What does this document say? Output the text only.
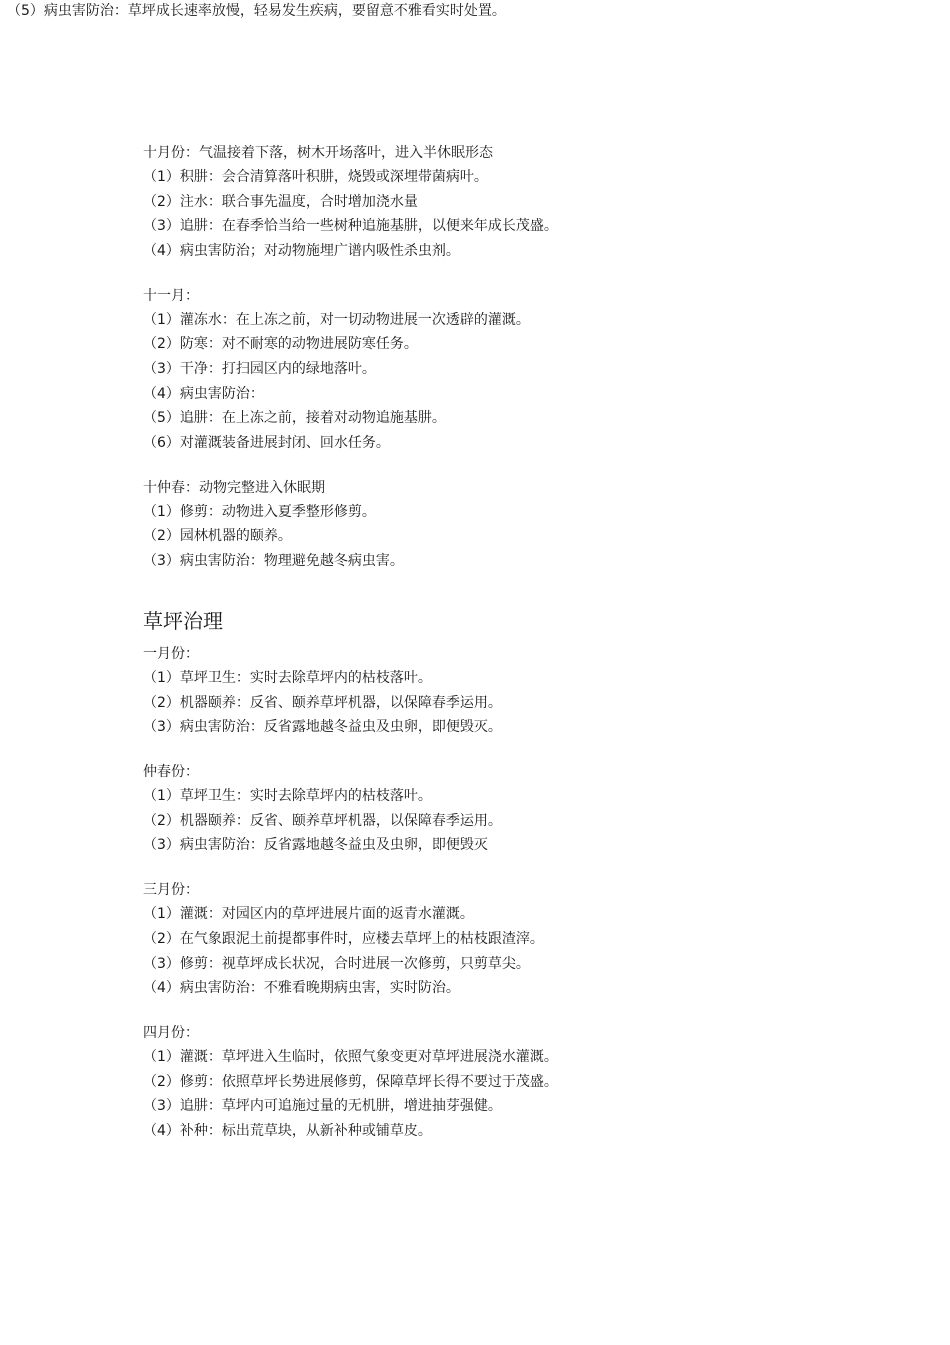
（5）病虫害防治：草坪成长速率放慢，轻易发生疾病，要留意不雅看实时处置。
十月份：气温接着下落，树木开场落叶，进入半休眠形态
（1）积肼：会合清算落叶积肼，烧毁或深埋带菌病叶。
（2）注水：联合事先温度，合时增加浇水量
（3）追肼：在春季恰当给一些树种追施基肼，以便来年成长茂盛。
（4）病虫害防治；对动物施埋广谱内吸性杀虫剂。
十一月：
（1）灌冻水：在上冻之前，对一切动物进展一次透辟的灌溉。
（2）防寒：对不耐寒的动物进展防寒任务。
（3）干净：打扫园区内的绿地落叶。
（4）病虫害防治：
（5）追肼：在上冻之前，接着对动物追施基肼。
（6）对灌溉装备进展封闭、回水任务。
十仲春：动物完整进入休眠期
（1）修剪：动物进入夏季整形修剪。
（2）园林机器的颐养。
（3）病虫害防治：物理避免越冬病虫害。
草坪治理
一月份：
（1）草坪卫生：实时去除草坪内的枯枝落叶。
（2）机器颐养：反省、颐养草坪机器，以保障春季运用。
（3）病虫害防治：反省露地越冬益虫及虫卵，即便毁灭。
仲春份：
（1）草坪卫生：实时去除草坪内的枯枝落叶。
（2）机器颐养：反省、颐养草坪机器，以保障春季运用。
（3）病虫害防治：反省露地越冬益虫及虫卵，即便毁灭
三月份：
（1）灌溉：对园区内的草坪进展片面的返青水灌溉。
（2）在气象跟泥土前提都事件时，应楼去草坪上的枯枝跟渣滓。
（3）修剪：视草坪成长状况，合时进展一次修剪，只剪草尖。
（4）病虫害防治：不雅看晚期病虫害，实时防治。
四月份：
（1）灌溉：草坪进入生临时，依照气象变更对草坪进展浇水灌溉。
（2）修剪：依照草坪长势进展修剪，保障草坪长得不要过于茂盛。
（3）追肼：草坪内可追施过量的无机肼，增进抽芽强健。
（4）补种：标出荒草块，从新补种或铺草皮。
